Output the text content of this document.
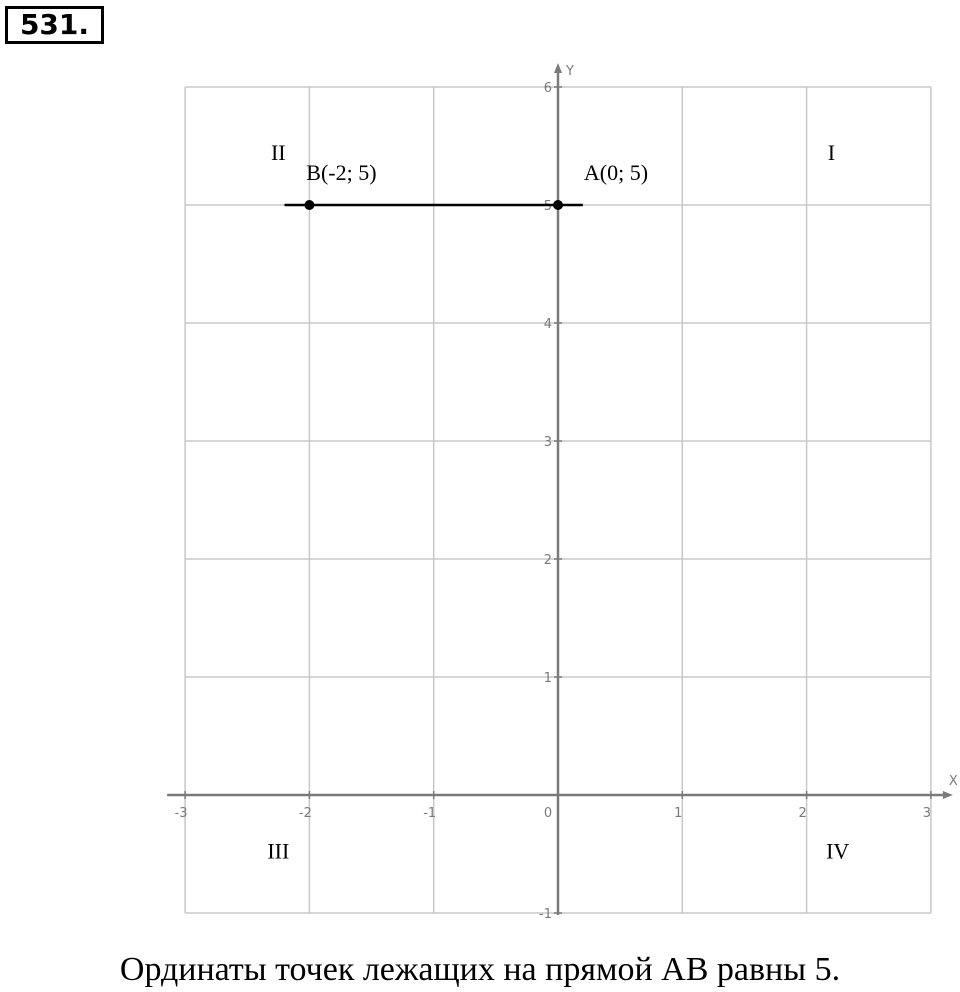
531.
X
Y
-3	-2	-1	0	1	2	3
-1
1
2
3
4
5
6
I
II
III	IV
A(0; 5)
B(-2; 5)
Ординаты точек лежащих на прямой AB равны 5.
